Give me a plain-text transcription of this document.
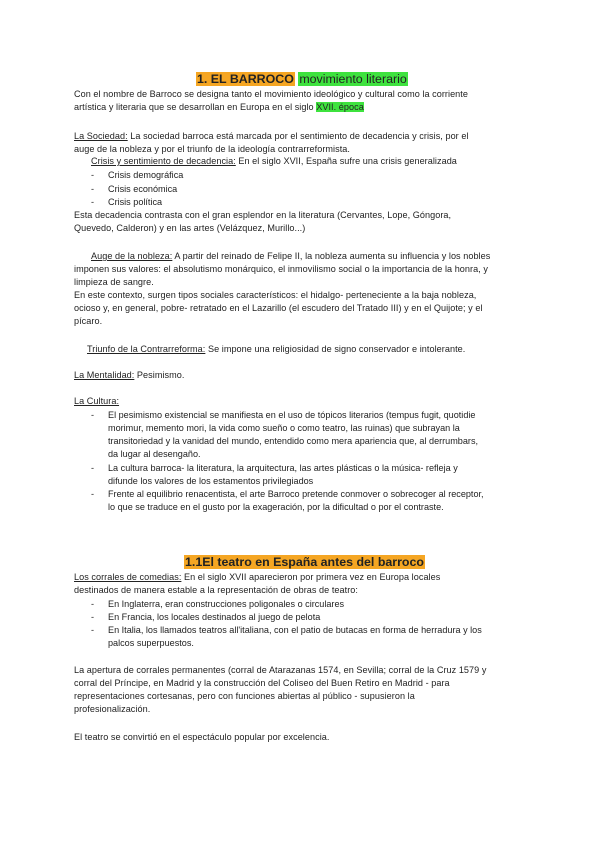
1. EL BARROCO movimiento literario
Con el nombre de Barroco se designa tanto el movimiento ideológico y cultural como la corriente
artística y literaria que se desarrollan en Europa en el siglo XVII. época
La Sociedad: La sociedad barroca está marcada por el sentimiento de decadencia y crisis, por el
auge de la nobleza y por el triunfo de la ideología contrarreformista.
Crisis y sentimiento de decadencia: En el siglo XVII, España sufre una crisis generalizada
- Crisis demográfica
- Crisis económica
- Crisis política
Esta decadencia contrasta con el gran esplendor en la literatura (Cervantes, Lope, Góngora,
Quevedo, Calderon) y en las artes (Velázquez, Murillo...)
Auge de la nobleza: A partir del reinado de Felipe II, la nobleza aumenta su influencia y los nobles
imponen sus valores: el absolutismo monárquico, el inmovilismo social o la importancia de la honra, y
limpieza de sangre.
En este contexto, surgen tipos sociales característicos: el hidalgo- perteneciente a la baja nobleza,
ocioso y, en general, pobre- retratado en el Lazarillo (el escudero del Tratado III) y en el Quijote; y el
pícaro.
Triunfo de la Contrarreforma: Se impone una religiosidad de signo conservador e intolerante.
La Mentalidad: Pesimismo.
La Cultura:
- El pesimismo existencial se manifiesta en el uso de tópicos literarios (tempus fugit, quotidie
morimur, memento mori, la vida como sueño o como teatro, las ruinas) que subrayan la
transitoriedad y la vanidad del mundo, entendido como mera apariencia que, al derrumbars,
da lugar al desengaño.
- La cultura barroca- la literatura, la arquitectura, las artes plásticas o la música- refleja y
difunde los valores de los estamentos privilegiados
- Frente al equilibrio renacentista, el arte Barroco pretende conmover o sobrecoger al receptor,
lo que se traduce en el gusto por la exageración, por la dificultad o por el contraste.
1.1El teatro en España antes del barroco
Los corrales de comedias: En el siglo XVII aparecieron por primera vez en Europa locales
destinados de manera estable a la representación de obras de teatro:
- En Inglaterra, eran construcciones poligonales o circulares
- En Francia, los locales destinados al juego de pelota
- En Italia, los llamados teatros all'italiana, con el patio de butacas en forma de herradura y los
palcos superpuestos.
La apertura de corrales permanentes (corral de Atarazanas 1574, en Sevilla; corral de la Cruz 1579 y
corral del Príncipe, en Madrid y la construcción del Coliseo del Buen Retiro en Madrid - para
representaciones cortesanas, pero con funciones abiertas al público - supusieron la
profesionalización.
El teatro se convirtió en el espectáculo popular por excelencia.
